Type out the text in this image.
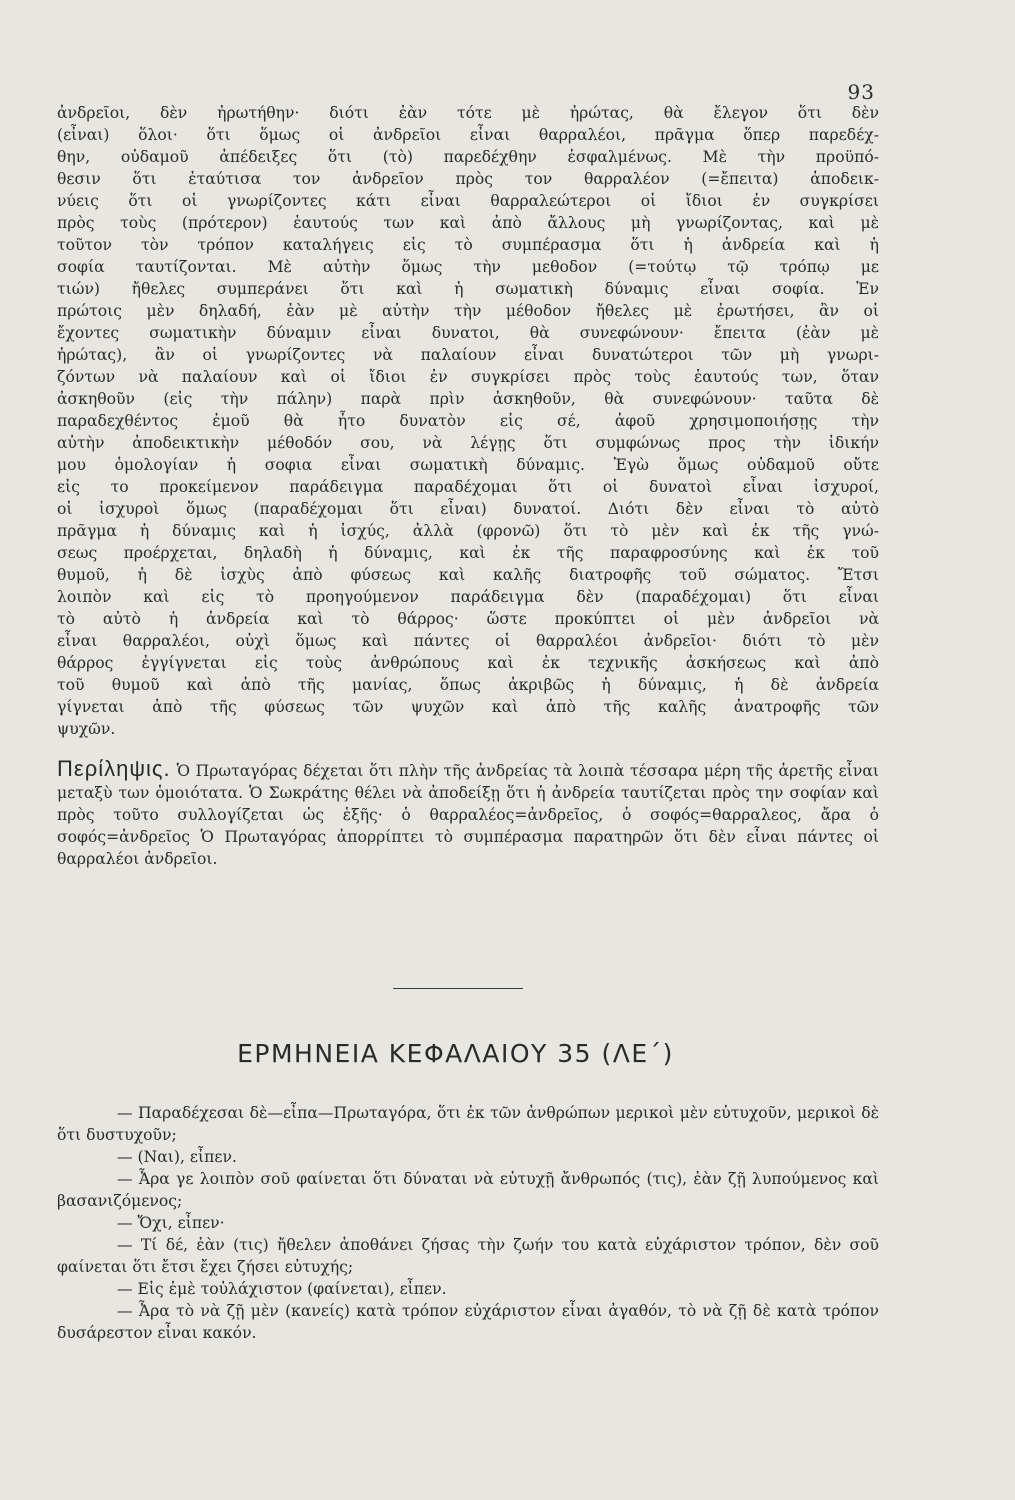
93
ἀνδρεῖοι, δὲν ἠρωτήθην· διότι ἐὰν τότε μὲ ἠρώτας, θὰ ἔλεγον ὅτι δὲν
(εἶναι) ὅλοι· ὅτι ὅμως οἱ ἀνδρεῖοι εἶναι θαρραλέοι, πρᾶγμα ὅπερ παρεδέχ-
θην, οὐδαμοῦ ἀπέδειξες ὅτι (τὸ) παρεδέχθην ἐσφαλμένως. Μὲ τὴν προϋπό-
θεσιν ὅτι ἐταύτισα τον ἀνδρεῖον πρὸς τον θαρραλέον (=ἔπειτα) ἀποδεικ-
νύεις ὅτι οἱ γνωρίζοντες κάτι εἶναι θαρραλεώτεροι οἱ ἴδιοι ἐν συγκρίσει
πρὸς τοὺς (πρότερον) ἑαυτούς των καὶ ἀπὸ ἄλλους μὴ γνωρίζοντας, καὶ μὲ
τοῦτον τὸν τρόπον καταλήγεις εἰς τὸ συμπέρασμα ὅτι ἡ ἀνδρεία καὶ ἡ
σοφία ταυτίζονται. Μὲ αὐτὴν ὅμως τὴν μεθοδον (=τούτῳ τῷ τρόπῳ με
τιών) ἤθελες συμπεράνει ὅτι καὶ ἡ σωματικὴ δύναμις εἶναι σοφία. Ἐν
πρώτοις μὲν δηλαδή, ἐὰν μὲ αὐτὴν τὴν μέθοδον ἤθελες μὲ ἐρωτήσει, ἂν οἱ
ἔχοντες σωματικὴν δύναμιν εἶναι δυνατοι, θὰ συνεφώνουν· ἔπειτα (ἐὰν μὲ
ἠρώτας), ἂν οἱ γνωρίζοντες νὰ παλαίουν εἶναι δυνατώτεροι τῶν μὴ γνωρι-
ζόντων νὰ παλαίουν καὶ οἱ ἴδιοι ἐν συγκρίσει πρὸς τοὺς ἑαυτούς των, ὅταν
ἀσκηθοῦν (εἰς τὴν πάλην) παρὰ πρὶν ἀσκηθοῦν, θὰ συνεφώνουν· ταῦτα δὲ
παραδεχθέντος ἐμοῦ θὰ ἦτο δυνατὸν εἰς σέ, ἀφοῦ χρησιμοποιήσῃς τὴν
αὐτὴν ἀποδεικτικὴν μέθοδόν σου, νὰ λέγῃς ὅτι συμφώνως προς τὴν ἰδικήν
μου ὁμολογίαν ἡ σοφια εἶναι σωματικὴ δύναμις. Ἐγὼ ὅμως οὐδαμοῦ οὔτε
εἰς το προκείμενον παράδειγμα παραδέχομαι ὅτι οἱ δυνατοὶ εἶναι ἰσχυροί,
οἱ ἰσχυροὶ ὅμως (παραδέχομαι ὅτι εἶναι) δυνατοί. Διότι δὲν εἶναι τὸ αὐτὸ
πρᾶγμα ἡ δύναμις καὶ ἡ ἰσχύς, ἀλλὰ (φρονῶ) ὅτι τὸ μὲν καὶ ἐκ τῆς γνώ-
σεως προέρχεται, δηλαδὴ ἡ δύναμις, καὶ ἐκ τῆς παραφροσύνης καὶ ἐκ τοῦ
θυμοῦ, ἡ δὲ ἰσχὺς ἀπὸ φύσεως καὶ καλῆς διατροφῆς τοῦ σώματος. Ἔτσι
λοιπὸν καὶ εἰς τὸ προηγούμενον παράδειγμα δὲν (παραδέχομαι) ὅτι εἶναι
τὸ αὐτὸ ἡ ἀνδρεία καὶ τὸ θάρρος· ὥστε προκύπτει οἱ μὲν ἀνδρεῖοι νὰ
εἶναι θαρραλέοι, οὐχὶ ὅμως καὶ πάντες οἱ θαρραλέοι ἀνδρεῖοι· διότι τὸ μὲν
θάρρος ἐγγίγνεται εἰς τοὺς ἀνθρώπους καὶ ἐκ τεχνικῆς ἀσκήσεως καὶ ἀπὸ
τοῦ θυμοῦ καὶ ἀπὸ τῆς μανίας, ὅπως ἀκριβῶς ἡ δύναμις, ἡ δὲ ἀνδρεία
γίγνεται ἀπὸ τῆς φύσεως τῶν ψυχῶν καὶ ἀπὸ τῆς καλῆς ἀνατροφῆς τῶν
ψυχῶν.
Περίληψις. Ὁ Πρωταγόρας δέχεται ὅτι πλὴν τῆς ἀνδρείας τὰ λοιπὰ τέσσαρα μέρη τῆς ἀρετῆς εἶναι μεταξὺ των ὁμοιότατα. Ὁ Σωκράτης θέλει νὰ ἀποδείξῃ ὅτι ἡ ἀνδρεία ταυτίζεται πρὸς την σοφίαν καὶ πρὸς τοῦτο συλλογίζεται ὡς ἑξῆς· ὁ θαρραλέος=ἀνδρεῖος, ὁ σοφός=θαρραλεος, ἄρα ὁ σοφός=ἀνδρεῖος Ὁ Πρωταγόρας ἀπορρίπτει τὸ συμπέρασμα παρατηρῶν ὅτι δὲν εἶναι πάντες οἱ θαρραλέοι ἀνδρεῖοι.
ΕΡΜΗΝΕΙΑ ΚΕΦΑΛΑΙΟΥ 35 (ΛΕ΄)
— Παραδέχεσαι δὲ—εἶπα—Πρωταγόρα, ὅτι ἐκ τῶν ἀνθρώπων μερικοὶ μὲν εὐτυχοῦν, μερικοὶ δὲ ὅτι δυστυχοῦν;
— (Ναι), εἶπεν.
— Ἆρα γε λοιπὸν σοῦ φαίνεται ὅτι δύναται νὰ εὐτυχῇ ἄνθρωπός (τις), ἐὰν ζῇ λυπούμενος καὶ βασανιζόμενος;
— Ὄχι, εἶπεν·
— Τί δέ, ἐὰν (τις) ἤθελεν ἀποθάνει ζήσας τὴν ζωήν του κατὰ εὐχάριστον τρόπον, δὲν σοῦ φαίνεται ὅτι ἔτσι ἔχει ζήσει εὐτυχής;
— Εἰς ἐμὲ τοὐλάχιστον (φαίνεται), εἶπεν.
— Ἆρα τὸ νὰ ζῇ μὲν (κανείς) κατὰ τρόπον εὐχάριστον εἶναι ἀγαθόν, τὸ νὰ ζῇ δὲ κατὰ τρόπον δυσάρεστον εἶναι κακόν.
